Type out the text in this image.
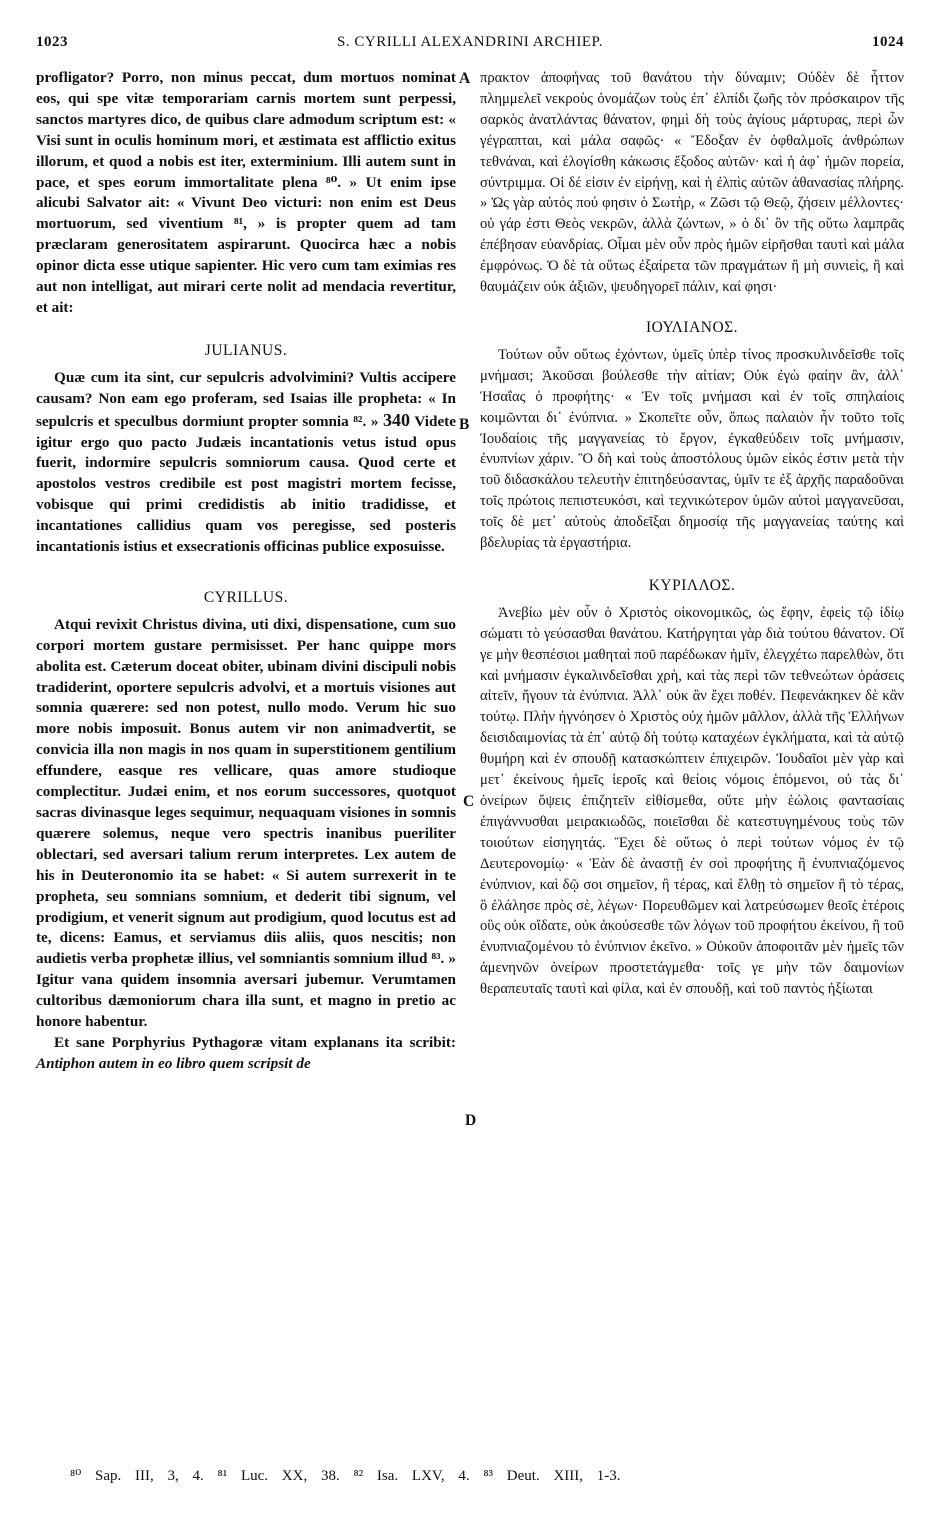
1023	S. CYRILLI ALEXANDRINI ARCHIEP.	1024
A
B
C
D

profligator? Porro, non minus peccat, dum mortuos nominat eos, qui spe vitæ temporariam carnis mortem sunt perpessi, sanctos martyres dico, de quibus clare admodum scriptum est: « Visi sunt in oculis hominum mori, et æstimata est afflictio exitus illorum, et quod a nobis est iter, exterminium. Illi autem sunt in pace, et spes eorum immortalitate plena ⁸⁰. » Ut enim ipse alicubi Salvator ait: « Vivunt Deo victuri: non enim est Deus mortuorum, sed viventium ⁸¹, » is propter quem ad tam præclaram generositatem aspirarunt. Quocirca hæc a nobis opinor dicta esse utique sapienter. Hic vero cum tam eximias res aut non intelligat, aut mirari certe nolit ad mendacia revertitur, et ait:

JULIANUS.

Quæ cum ita sint, cur sepulcris advolvimini? Vultis accipere causam? Non eam ego proferam, sed Isaias ille propheta: « In sepulcris et speculbus dormiunt propter somnia ⁸². » 340 Videte igitur ergo quo pacto Judæis incantationis vetus istud opus fuerit, indormire sepulcris somniorum causa. Quod certe et apostolos vestros credibile est post magistri mortem fecisse, vobisque qui primi credidistis ab initio tradidisse, et incantationes callidius quam vos peregisse, sed posteris incantationis istius et exsecrationis officinas publice exposuisse.

CYRILLUS.

Atqui revixit Christus divina, uti dixi, dispensatione, cum suo corpori mortem gustare permisisset. Per hanc quippe mors abolita est. Cæterum doceat obiter, ubinam divini discipuli nobis tradiderint, oportere sepulcris advolvi, et a mortuis visiones aut somnia quærere: sed non potest, nullo modo. Verum hic suo more nobis imposuit. Bonus autem vir non animadvertit, se convicia illa non magis in nos quam in superstitionem gentilium effundere, easque res vellicare, quas amore studioque complectitur. Judæi enim, et nos eorum successores, quotquot sacras divinasque leges sequimur, nequaquam visiones in somnis quærere solemus, neque vero spectris inanibus pueriliter oblectari, sed aversari talium rerum interpretes. Lex autem de his in Deuteronomio ita se habet: « Si autem surrexerit in te propheta, seu somnians somnium, et dederit tibi signum, vel prodigium, et venerit signum aut prodigium, quod locutus est ad te, dicens: Eamus, et serviamus diis aliis, quos nescitis; non audietis verba prophetæ illius, vel somniantis somnium illud ⁸³. » Igitur vana quidem insomnia aversari jubemur. Verumtamen cultoribus dæmoniorum chara illa sunt, et magno in pretio ac honore habentur.

Et sane Porphyrius Pythagoræ vitam explanans ita scribit: Antiphon autem in eo libro quem scripsit de

πρακτον ἀποφήνας τοῦ θανάτου τὴν δύναμιν; Οὐδὲν δὲ ἧττον πλημμελεῖ νεκροὺς ὀνομάζων τοὺς ἐπ᾽ ἐλπίδι ζωῆς τὸν πρόσκαιρον τῆς σαρκὸς ἀνατλάντας θάνατον, φημὶ δὴ τοὺς ἁγίους μάρτυρας, περὶ ὧν γέγραπται, καὶ μάλα σαφῶς· « Ἔδοξαν ἐν ὀφθαλμοῖς ἀνθρώπων τεθνάναι, καὶ ἐλογίσθη κάκωσις ἔξοδος αὐτῶν· καὶ ἡ ἀφ᾽ ἡμῶν πορεία, σύντριμμα. Οἱ δέ εἰσιν ἐν εἰρήνῃ, καὶ ἡ ἐλπὶς αὐτῶν ἀθανασίας πλήρης. » Ὡς γὰρ αὐτός πού φησιν ὁ Σωτὴρ, « Ζῶσι τῷ Θεῷ, ζήσειν μέλλοντες· οὐ γάρ ἐστι Θεὸς νεκρῶν, ἀλλὰ ζώντων, » ὁ δι᾽ ὃν τῆς οὕτω λαμπρᾶς ἐπέβησαν εὐανδρίας. Οἶμαι μὲν οὖν πρὸς ἡμῶν εἰρῆσθαι ταυτὶ καὶ μάλα ἐμφρόνως. Ὁ δὲ τὰ οὕτως ἐξαίρετα τῶν πραγμάτων ἢ μὴ συνιεὶς, ἢ καὶ θαυμάζειν οὐκ ἀξιῶν, ψευδηγορεῖ πάλιν, καί φησι·

ΙΟΥΛΙΑΝΟΣ.

Τούτων οὖν οὕτως ἐχόντων, ὑμεῖς ὑπὲρ τίνος προσκυλινδεῖσθε τοῖς μνήμασι; Ἀκοῦσαι βούλεσθε τὴν αἰτίαν; Οὐκ ἐγὼ φαίην ἂν, ἀλλ᾽ Ἡσαΐας ὁ προφήτης· « Ἐν τοῖς μνήμασι καὶ ἐν τοῖς σπηλαίοις κοιμῶνται δι᾽ ἐνύπνια. » Σκοπεῖτε οὖν, ὅπως παλαιὸν ἦν τοῦτο τοῖς Ἰουδαίοις τῆς μαγγανείας τὸ ἔργον, ἐγκαθεύδειν τοῖς μνήμασιν, ἐνυπνίων χάριν. Ὃ δὴ καὶ τοὺς ἀποστόλους ὑμῶν εἰκός ἐστιν μετὰ τὴν τοῦ διδασκάλου τελευτὴν ἐπιτηδεύσαντας, ὑμῖν τε ἐξ ἀρχῆς παραδοῦναι τοῖς πρώτοις πεπιστευκόσι, καὶ τεχνικώτερον ὑμῶν αὐτοὶ μαγγανεῦσαι, τοῖς δὲ μετ᾽ αὐτοὺς ἀποδεῖξαι δημοσίᾳ τῆς μαγγανείας ταύτης καὶ βδελυρίας τὰ ἐργαστήρια.

ΚΥΡΙΛΛΟΣ.

Ἀνεβίω μὲν οὖν ὁ Χριστὸς οἰκονομικῶς, ὡς ἔφην, ἐφεὶς τῷ ἰδίῳ σώματι τὸ γεύσασθαι θανάτου. Κατήργηται γὰρ διὰ τούτου θάνατον. Οἵ γε μὴν θεσπέσιοι μαθηταὶ ποῦ παρέδωκαν ἡμῖν, ἐλεγχέτω παρελθὼν, ὅτι καὶ μνήμασιν ἐγκαλινδεῖσθαι χρὴ, καὶ τὰς περὶ τῶν τεθνεώτων ὁράσεις αἰτεῖν, ἤγουν τὰ ἐνύπνια. Ἀλλ᾽ οὐκ ἂν ἔχει ποθέν. Πεφενάκηκεν δὲ κἂν τούτῳ. Πλὴν ἠγνόησεν ὁ Χριστὸς οὐχ ἡμῶν μᾶλλον, ἀλλὰ τῆς Ἑλλήνων δεισιδαιμονίας τὰ ἐπ᾽ αὐτῷ δὴ τούτῳ καταχέων ἐγκλήματα, καὶ τὰ αὐτῷ θυμήρη καὶ ἐν σπουδῇ κατασκώπτειν ἐπιχειρῶν. Ἰουδαῖοι μὲν γὰρ καὶ μετ᾽ ἐκείνους ἡμεῖς ἱεροῖς καὶ θείοις νόμοις ἑπόμενοι, οὐ τὰς δι᾽ ὀνείρων ὄψεις ἐπιζητεῖν εἰθίσμεθα, οὔτε μὴν ἑώλοις φαντασίαις ἐπιγάννυσθαι μειρακιωδῶς, ποιεῖσθαι δὲ κατεστυγημένους τοὺς τῶν τοιούτων εἰσηγητάς. Ἔχει δὲ οὕτως ὁ περὶ τούτων νόμος ἐν τῷ Δευτερονομίῳ· « Ἐὰν δὲ ἀναστῇ ἐν σοὶ προφήτης ἢ ἐνυπνιαζόμενος ἐνύπνιον, καὶ δῷ σοι σημεῖον, ἢ τέρας, καὶ ἔλθῃ τὸ σημεῖον ἢ τὸ τέρας, ὃ ἐλάλησε πρὸς σὲ, λέγων· Πορευθῶμεν καὶ λατρεύσωμεν θεοῖς ἑτέροις οὓς οὐκ οἴδατε, οὐκ ἀκούσεσθε τῶν λόγων τοῦ προφήτου ἐκείνου, ἢ τοῦ ἐνυπνιαζομένου τὸ ἐνύπνιον ἐκεῖνο. » Οὐκοῦν ἀποφοιτᾶν μὲν ἡμεῖς τῶν ἀμενηνῶν ὀνείρων προστετάγμεθα· τοῖς γε μὴν τῶν δαιμονίων θεραπευταῖς ταυτὶ καὶ φίλα, καὶ ἐν σπουδῇ, καὶ τοῦ παντὸς ἠξίωται

⁸⁰ Sap. III, 3, 4. ⁸¹ Luc. XX, 38. ⁸² Isa. LXV, 4. ⁸³ Deut. XIII, 1-3.
